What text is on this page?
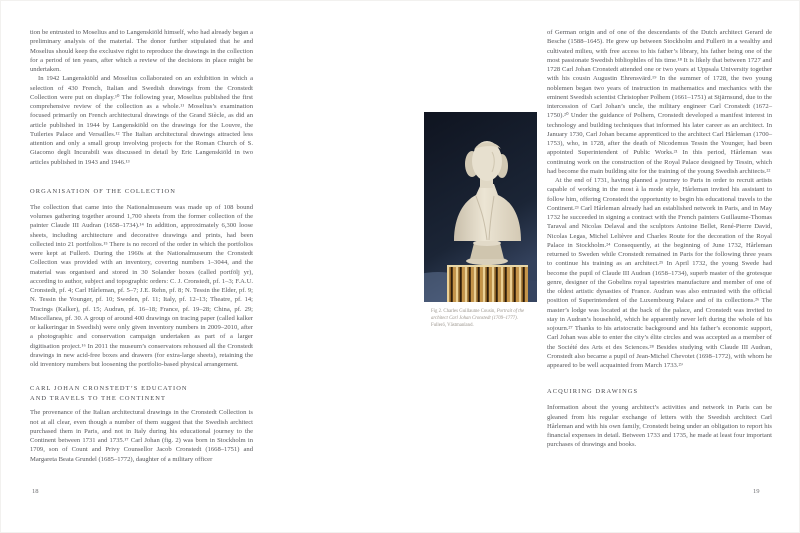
tion be entrusted to Moselius and to Langenskiöld himself, who had already began a preliminary analysis of the material. The donor further stipulated that he and Moselius should keep the exclusive right to reproduce the drawings in the collection for a period of ten years, after which a review of the decisions in place might be undertaken.

In 1942 Langenskiöld and Moselius collaborated on an exhibition in which a selection of 430 French, Italian and Swedish drawings from the Cronstedt Collection were put on display.¹⁰ The following year, Moselius published the first comprehensive review of the collection as a whole.¹¹ Moselius’s examination focused primarily on French architectural drawings of the Grand Siècle, as did an article published in 1944 by Langenskiöld on the drawings for the Louvre, the Tuileries Palace and Versailles.¹² The Italian architectural drawings attracted less attention and only a small group involving projects for the Roman Church of S. Giacomo degli Incurabili was discussed in detail by Eric Langenskiöld in two articles published in 1943 and 1946.¹³

ORGANISATION OF THE COLLECTION

The collection that came into the Nationalmuseum was made up of 108 bound volumes gathering together around 1,700 sheets from the former collection of the painter Claude III Audran (1658–1734).¹⁴ In addition, approximately 6,300 loose sheets, including architecture and decorative drawings and prints, had been collected into 21 portfolios.¹⁵ There is no record of the order in which the portfolios were kept at Fullerö. During the 1960s at the Nationalmuseum the Cronstedt Collection was provided with an inventory, covering numbers 1–3044, and the material was organised and stored in 30 Solander boxes (called portfölj yr), according to author, subject and topographic orders: C. J. Cronstedt, pf. 1–3; F.A.U. Cronstedt, pf. 4; Carl Hårleman, pf. 5–7; J.E. Rehn, pf. 8; N. Tessin the Elder, pf. 9; N. Tessin the Younger, pf. 10; Sweden, pf. 11; Italy, pf. 12–13; Theatre, pf. 14; Tracings (Kalker), pf. 15; Audran, pf. 16–18; France, pf. 19–28; China, pf. 29; Miscellanea, pf. 30. A group of around 400 drawings on tracing paper (called kalker or kalkeringar in Swedish) were only given inventory numbers in 2009–2010, after a photographic and conservation campaign undertaken as part of a larger digitisation project.¹⁶ In 2011 the museum’s conservators rehoused all the Cronstedt drawings in new acid-free boxes and drawers (for extra-large sheets), retaining the old inventory numbers but loosening the portfolio-based physical arrangement.

CARL JOHAN CRONSTEDT’S EDUCATION
AND TRAVELS TO THE CONTINENT

The provenance of the Italian architectural drawings in the Cronstedt Collection is not at all clear, even though a number of them suggest that the Swedish architect purchased them in Paris, and not in Italy during his educational journey to the Continent between 1731 and 1735.¹⁷ Carl Johan (fig. 2) was born in Stockholm in 1709, son of Count and Privy Counsellor Jacob Cronstedt (1668–1751) and Margareta Beata Grundel (1685–1772), daughter of a military officer

18
Fig 2. Charles Guillaume Cousin, Portrait of the architect Carl Johan Cronstedt (1709–1777). Fullerö, Västmanland.

of German origin and of one of the descendants of the Dutch architect Gerard de Besche (1588–1645). He grew up between Stockholm and Fullerö in a wealthy and cultivated milieu, with free access to his father’s library, his father being one of the most passionate Swedish bibliophiles of his time.¹⁸ It is likely that between 1727 and 1728 Carl Johan Cronstedt attended one or two years at Uppsala University together with his cousin Augustin Ehrensvärd.¹⁹ In the summer of 1728, the two young noblemen began two years of instruction in mathematics and mechanics with the eminent Swedish scientist Christopher Polhem (1661–1751) at Stjärnsund, due to the intercession of Carl Johan’s uncle, the military engineer Carl Cronstedt (1672–1750).²⁰ Under the guidance of Polhem, Cronstedt developed a manifest interest in technology and building techniques that informed his later career as an architect. In January 1730, Carl Johan became apprenticed to the architect Carl Hårleman (1700–1753), who, in 1728, after the death of Nicodemus Tessin the Younger, had been appointed Superintendent of Public Works.²¹ In this period, Hårleman was continuing work on the construction of the Royal Palace designed by Tessin, which had become the main building site for the training of the young Swedish architects.²²

At the end of 1731, having planned a journey to Paris in order to recruit artists capable of working in the most à la mode style, Hårleman invited his assistant to follow him, offering Cronstedt the opportunity to begin his educational travels to the Continent.²³ Carl Hårleman already had an established network in Paris, and in May 1732 he succeeded in signing a contract with the French painters Guillaume-Thomas Taraval and Nicolas Delaval and the sculptors Antoine Bellet, René-Pierre David, Nicolas Legas, Michel Lelièvre and Charles Route for the decoration of the Royal Palace in Stockholm.²⁴ Consequently, at the beginning of June 1732, Hårleman returned to Sweden while Cronstedt remained in Paris for the following three years to continue his training as an architect.²⁵ In April 1732, the young Swede had become the pupil of Claude III Audran (1658–1734), superb master of the grotesque genre, designer of the Gobelins royal tapestries manufacture and member of one of the oldest artistic dynasties of France. Audran was also entrusted with the official position of Superintendent of the Luxembourg Palace and of its collections.²⁶ The master’s lodge was located at the back of the palace, and Cronstedt was invited to stay in Audran’s household, which he apparently never left during the whole of his sojourn.²⁷ Thanks to his aristocratic background and his father’s economic support, Carl Johan was able to enter the city’s élite circles and was accepted as a member of the Société des Arts et des Sciences.²⁸ Besides studying with Claude III Audran, Cronstedt also became a pupil of Jean-Michel Chevotet (1698–1772), with whom he appeared to be well acquainted from March 1733.²⁹

ACQUIRING DRAWINGS

Information about the young architect’s activities and network in Paris can be gleaned from his regular exchange of letters with the Swedish architect Carl Hårleman and with his own family, Cronstedt being under an obligation to report his financial expenses in detail. Between 1733 and 1735, he made at least four important purchases of drawings and books.

19
